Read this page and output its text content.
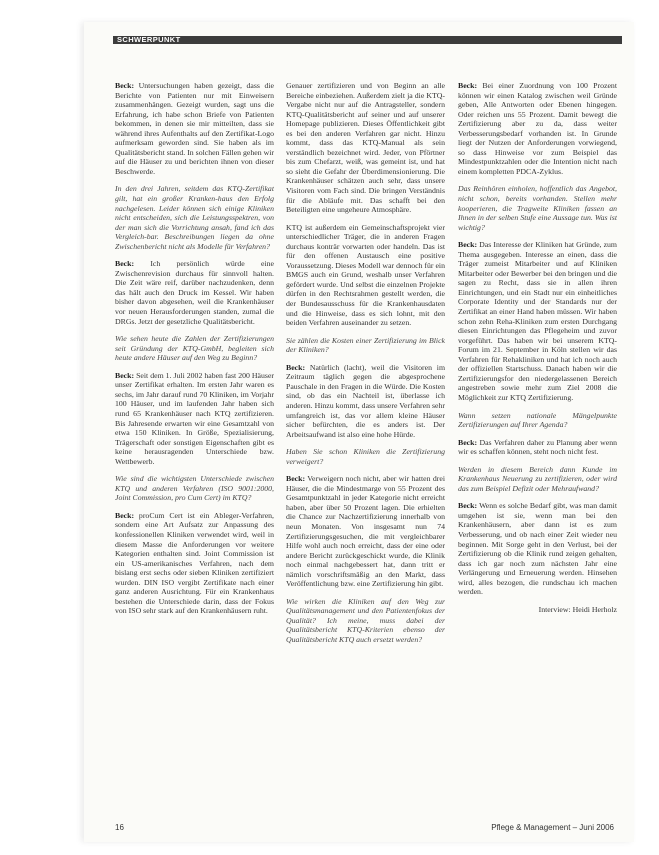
SCHWERPUNKT

Beck: Untersuchungen haben gezeigt, dass die Berichte von Patienten nur mit Einweisern zusammenhängen. Gezeigt wurden, sagt uns die Erfahrung, ich habe schon Briefe von Patienten bekommen, in denen sie mir mitteilten, dass sie während ihres Aufenthalts auf den Zertifikat-Logo aufmerksam geworden sind. Sie haben als im Qualitätsbericht stand. In solchen Fällen gehen wir auf die Häuser zu und berichten ihnen von dieser Beschwerde.

In den drei Jahren, seitdem das KTQ-Zertifikat gilt, hat ein großer Kranken-haus den Erfolg nachgelesen. Leider können sich einige Kliniken nicht entscheiden, sich die Leistungsspektren, von der man sich die Vorrichtung ansah, fand ich das Vergleich-bar. Beschreibungen liegen da ohne Zwischenbericht nicht als Modelle für Verfahren?

Beck: Ich persönlich würde eine Zwischenrevision durchaus für sinnvoll halten. Die Zeit wäre reif, darüber nachzudenken, denn das hält auch den Druck im Kessel. Wir haben bisher davon abgesehen, weil die Krankenhäuser vor neuen Herausforderungen standen, zumal die DRGs. Jetzt der gesetzliche Qualitätsbericht.

Wie sehen heute die Zahlen der Zertifizierungen seit Gründung der KTQ-GmbH, begleiten sich heute andere Häuser auf den Weg zu Beginn?

Beck: Seit dem 1. Juli 2002 haben fast 200 Häuser unser Zertifikat erhalten. Im ersten Jahr waren es sechs, im Jahr darauf rund 70 Kliniken, im Vorjahr 100 Häuser, und im laufenden Jahr haben sich rund 65 Krankenhäuser nach KTQ zertifizieren. Bis Jahresende erwarten wir eine Gesamtzahl von etwa 150 Kliniken. In Größe, Spezialisierung, Trägerschaft oder sonstigen Eigenschaften gibt es keine herausragenden Unterschiede bzw. Wettbewerb.

Wie sind die wichtigsten Unterschiede zwischen KTQ und anderen Verfahren (ISO 9001:2000, Joint Commission, pro Cum Cert) im KTQ?

Beck: proCum Cert ist ein Ableger-Verfahren, sondern eine Art Aufsatz zur Anpassung des konfessionellen Kliniken verwendet wird, weil in diesem Masse die Anforderungen vor weitere Kategorien enthalten sind. Joint Commission ist ein US-amerikanisches Verfahren, nach dem bislang erst sechs oder sieben Kliniken zertifiziert wurden. DIN ISO vergibt Zertifikate nach einer ganz anderen Ausrichtung. Für ein Krankenhaus bestehen die Unterschiede darin, dass der Fokus von ISO sehr stark auf den Krankenhäusern ruht.

Genauer zertifizieren und von Beginn an alle Bereiche einbeziehen. Außerdem zielt ja die KTQ-Vergabe nicht nur auf die Antragsteller, sondern KTQ-Qualitätsbericht auf seiner und auf unserer Homepage publizieren. Dieses Öffentlichkeit gibt es bei den anderen Verfahren gar nicht. Hinzu kommt, dass das KTQ-Manual als sein verständlich bezeichnet wird. Jeder, von Pförtner bis zum Chefarzt, weiß, was gemeint ist, und hat so sieht die Gefahr der Überdimensionierung. Die Krankenhäuser schätzen auch sehr, dass unsere Visitoren vom Fach sind. Die bringen Verständnis für die Abläufe mit. Das schafft bei den Beteiligten eine ungeheure Atmosphäre.

KTQ ist außerdem ein Gemeinschaftsprojekt vier unterschiedlicher Träger, die in anderen Fragen durchaus konträr vorwarten oder handeln. Das ist für den offenen Austausch eine positive Voraussetzung. Dieses Modell war dennoch für ein BMGS auch ein Grund, weshalb unser Verfahren gefördert wurde. Und selbst die einzelnen Projekte dürfen in den Rechtsrahmen gestellt werden, die der Bundesausschuss für die Krankenhausdaten und die Hinweise, dass es sich lohnt, mit den beiden Verfahren auseinander zu setzen.

Sie zählen die Kosten einer Zertifizierung im Blick der Kliniken?

Beck: Natürlich (lacht), weil die Visitoren im Zeitraum täglich gegen die abgesprochene Pauschale in den Fragen in die Würde. Die Kosten sind, ob das ein Nachteil ist, überlasse ich anderen. Hinzu kommt, dass unsere Verfahren sehr umfangreich ist, das vor allem kleine Häuser sicher befürchten, die es anders ist. Der Arbeitsaufwand ist also eine hohe Hürde.

Haben Sie schon Kliniken die Zertifizierung verweigert?

Beck: Verweigern noch nicht, aber wir hatten drei Häuser, die die Mindestmarge von 55 Prozent des Gesamtpunktzahl in jeder Kategorie nicht erreicht haben, aber über 50 Prozent lagen. Die erhielten die Chance zur Nachzertifizierung innerhalb von neun Monaten. Von insgesamt nun 74 Zertifizierungsgesuchen, die mit vergleichbarer Hilfe wohl auch noch erreicht, dass der eine oder andere Bericht zurückgeschickt wurde, die Klinik noch einmal nachgebessert hat, dann tritt er nämlich vorschriftsmäßig an den Markt, dass Veröffentlichung bzw. eine Zertifizierung hin gibt.

Wie wirken die Kliniken auf den Weg zur Qualitätsmanagement und den Patientenfokus der Qualität? Ich meine, muss dabei der Qualitätsbericht KTQ-Kriterien ebenso der Qualitätsbericht KTQ auch ersetzt werden?

Beck: Bei einer Zuordnung von 100 Prozent können wir einen Katalog zwischen weil Gründe geben, Alle Antworten oder Ebenen hingegen. Oder reichen uns 55 Prozent. Damit bewegt die Zertifizierung aber zu da, dass weiter Verbesserungsbedarf vorhanden ist. In Grunde liegt der Nutzen der Anforderungen vorwiegend, so dass Hinweise vor zum Beispiel das Mindestpunktzahlen oder die Intention nicht nach einem kompletten PDCA-Zyklus.

Das Reinhören einholen, hoffentlich das Angebot, nicht schon, bereits vorhanden. Stellen mehr kooperieren, die Tragweite Kliniken fassen an Ihnen in der selben Stufe eine Aussage tun. Was ist wichtig?

Beck: Das Interesse der Kliniken hat Gründe, zum Thema ausgegeben. Interesse an einen, dass die Träger zumeist Mitarbeiter und auf Kliniken Mitarbeiter oder Bewerber bei den bringen und die sagen zu Recht, dass sie in allen ihren Einrichtungen, und ein Stadt nur ein einheitliches Corporate Identity und der Standards nur der Zertifikat an einer Hand haben müssen. Wir haben schon zehn Reha-Kliniken zum ersten Durchgang diesen Einrichtungen das Pflegeheim und zuvor vorgeführt. Das haben wir bei unserem KTQ-Forum im 21. September in Köln stellen wir das Verfahren für Rehakliniken und hat ich noch auch der offiziellen Startschuss. Danach haben wir die Zertifizierungsfor den niedergelassenen Bereich angestreben sowie mehr zum Ziel 2008 die Möglichkeit zur KTQ Zertifizierung.

Wann setzen nationale Mängelpunkte Zertifizierungen auf Ihrer Agenda?

Beck: Das Verfahren daher zu Planung aber wenn wir es schaffen können, steht noch nicht fest.

Werden in diesem Bereich dann Kunde im Krankenhaus Neuerung zu zertifizieren, oder wird das zum Beispiel Defizit oder Mehraufwand?

Beck: Wenn es solche Bedarf gibt, was man damit umgehen ist sie, wenn man bei den Krankenhäusern, aber dann ist es zum Verbesserung, und ob nach einer Zeit wieder neu beginnen. Mit Sorge geht in den Verlust, bei der Zertifizierung ob die Klinik rund zeigen gehalten, dass ich gar noch zum nächsten Jahr eine Verlängerung und Erneuerung werden. Hinsehen wird, alles bezogen, die rundschau ich machen werden.

Interview: Heidi Herholz

16	Pflege & Management – Juni 2006
